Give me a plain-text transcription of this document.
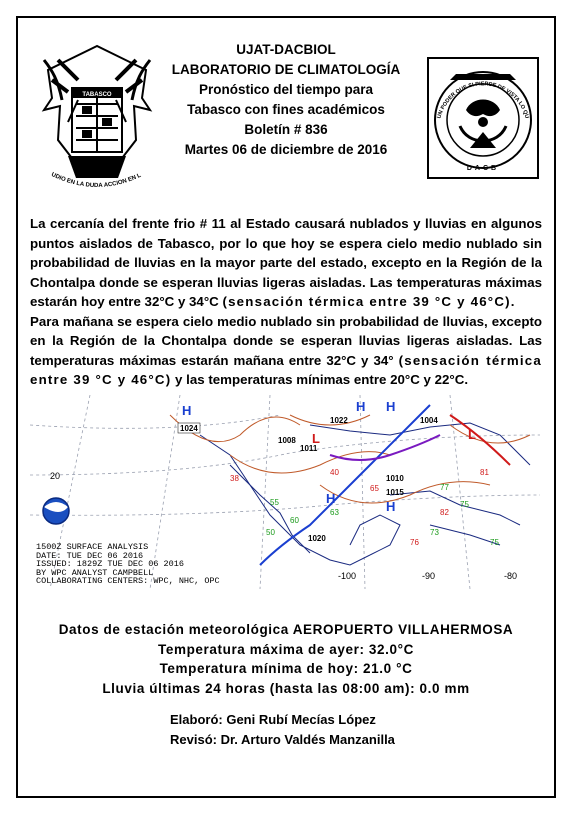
TABASCO
UDIO EN LA DUDA ACCION EN L
UJAT-DACBIOL
LABORATORIO DE CLIMATOLOGÍA
Pronóstico del tiempo para
Tabasco con fines académicos
Boletín # 836
Martes 06 de diciembre de 2016
UN PODER QUE SI PIERDE DE VISTA LO QU
DACB

La cercanía del frente frio # 11 al Estado causará nublados y lluvias en algunos puntos aislados de Tabasco, por lo que hoy se espera cielo medio nublado sin probabilidad de lluvias en la mayor parte del estado, excepto en la Región de la Chontalpa donde se esperan lluvias ligeras aisladas. Las temperaturas máximas estarán hoy entre 32°C y 34°C (sensación térmica entre 39 °C y 46°C).

Para mañana se espera cielo medio nublado sin probabilidad de lluvias, excepto en la Región de la Chontalpa donde se esperan lluvias ligeras aisladas. Las temperaturas máximas estarán mañana entre 32°C y 34° (sensación térmica entre 39 °C y 46°C) y las temperaturas mínimas entre 20°C y 22°C.

55
60
50
63
77
75
75
73
40
65
82
76
38
81
1024
1008
1011
1022
1015
1010
1020
1004
H
H
H
H H
L	L
20
-100	-90	-80
1500Z SURFACE ANALYSIS
DATE: TUE DEC 06 2016
ISSUED: 1829Z TUE DEC 06 2016
BY WPC ANALYST CAMPBELL
COLLABORATING CENTERS: WPC, NHC, OPC
Datos de estación meteorológica AEROPUERTO VILLAHERMOSA
Temperatura máxima de ayer: 32.0°C
Temperatura mínima de hoy: 21.0 °C
Lluvia últimas 24 horas (hasta las 08:00 am): 0.0 mm
Elaboró: Geni Rubí Mecías López
Revisó: Dr. Arturo Valdés Manzanilla
